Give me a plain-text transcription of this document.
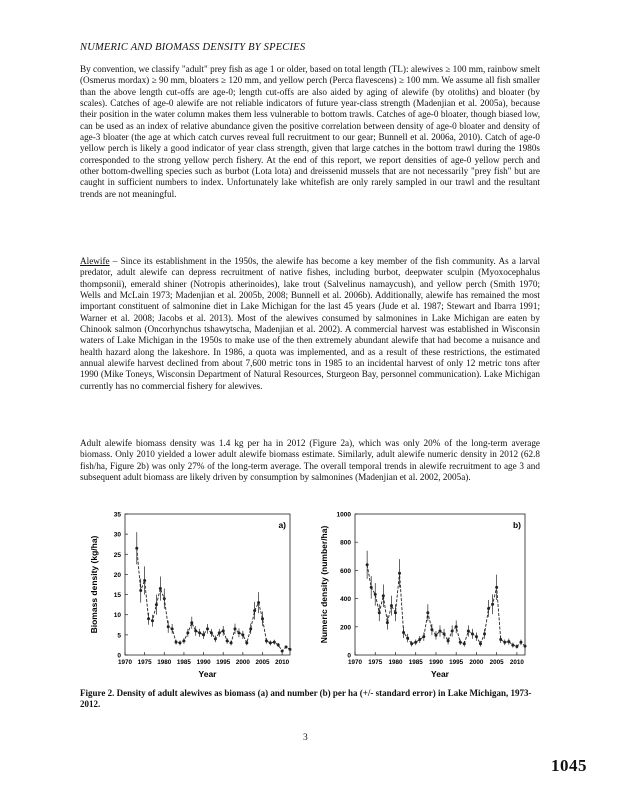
NUMERIC AND BIOMASS DENSITY BY SPECIES
By convention, we classify "adult" prey fish as age 1 or older, based on total length (TL): alewives ≥ 100 mm, rainbow smelt (Osmerus mordax) ≥ 90 mm, bloaters ≥ 120 mm, and yellow perch (Perca flavescens) ≥ 100 mm. We assume all fish smaller than the above length cut-offs are age-0; length cut-offs are also aided by aging of alewife (by otoliths) and bloater (by scales). Catches of age-0 alewife are not reliable indicators of future year-class strength (Madenjian et al. 2005a), because their position in the water column makes them less vulnerable to bottom trawls. Catches of age-0 bloater, though biased low, can be used as an index of relative abundance given the positive correlation between density of age-0 bloater and density of age-3 bloater (the age at which catch curves reveal full recruitment to our gear; Bunnell et al. 2006a, 2010). Catch of age-0 yellow perch is likely a good indicator of year class strength, given that large catches in the bottom trawl during the 1980s corresponded to the strong yellow perch fishery. At the end of this report, we report densities of age-0 yellow perch and other bottom-dwelling species such as burbot (Lota lota) and dreissenid mussels that are not necessarily "prey fish" but are caught in sufficient numbers to index. Unfortunately lake whitefish are only rarely sampled in our trawl and the resultant trends are not meaningful.
Alewife – Since its establishment in the 1950s, the alewife has become a key member of the fish community. As a larval predator, adult alewife can depress recruitment of native fishes, including burbot, deepwater sculpin (Myoxocephalus thompsonii), emerald shiner (Notropis atherinoides), lake trout (Salvelinus namaycush), and yellow perch (Smith 1970; Wells and McLain 1973; Madenjian et al. 2005b, 2008; Bunnell et al. 2006b). Additionally, alewife has remained the most important constituent of salmonine diet in Lake Michigan for the last 45 years (Jude et al. 1987; Stewart and Ibarra 1991; Warner et al. 2008; Jacobs et al. 2013). Most of the alewives consumed by salmonines in Lake Michigan are eaten by Chinook salmon (Oncorhynchus tshawytscha, Madenjian et al. 2002). A commercial harvest was established in Wisconsin waters of Lake Michigan in the 1950s to make use of the then extremely abundant alewife that had become a nuisance and health hazard along the lakeshore. In 1986, a quota was implemented, and as a result of these restrictions, the estimated annual alewife harvest declined from about 7,600 metric tons in 1985 to an incidental harvest of only 12 metric tons after 1990 (Mike Toneys, Wisconsin Department of Natural Resources, Sturgeon Bay, personnel communication). Lake Michigan currently has no commercial fishery for alewives.
Adult alewife biomass density was 1.4 kg per ha in 2012 (Figure 2a), which was only 20% of the long-term average biomass. Only 2010 yielded a lower adult alewife biomass estimate. Similarly, adult alewife numeric density in 2012 (62.8 fish/ha, Figure 2b) was only 27% of the long-term average. The overall temporal trends in alewife recruitment to age 3 and subsequent adult biomass are likely driven by consumption by salmonines (Madenjian et al. 2002, 2005a).
0
5
10
15
20
25
30
35
1970 1975 1980 1985 1990 1995 2000 2005 2010
Year
Biomass density (kg/ha)
a)
0
200
400
600
800
1000
1970 1975 1980 1985 1990 1995 2000 2005 2010
Year
Numeric density (number/ha)
b)
Figure 2. Density of adult alewives as biomass (a) and number (b) per ha (+/- standard error) in Lake Michigan, 1973-2012.
3
1045
